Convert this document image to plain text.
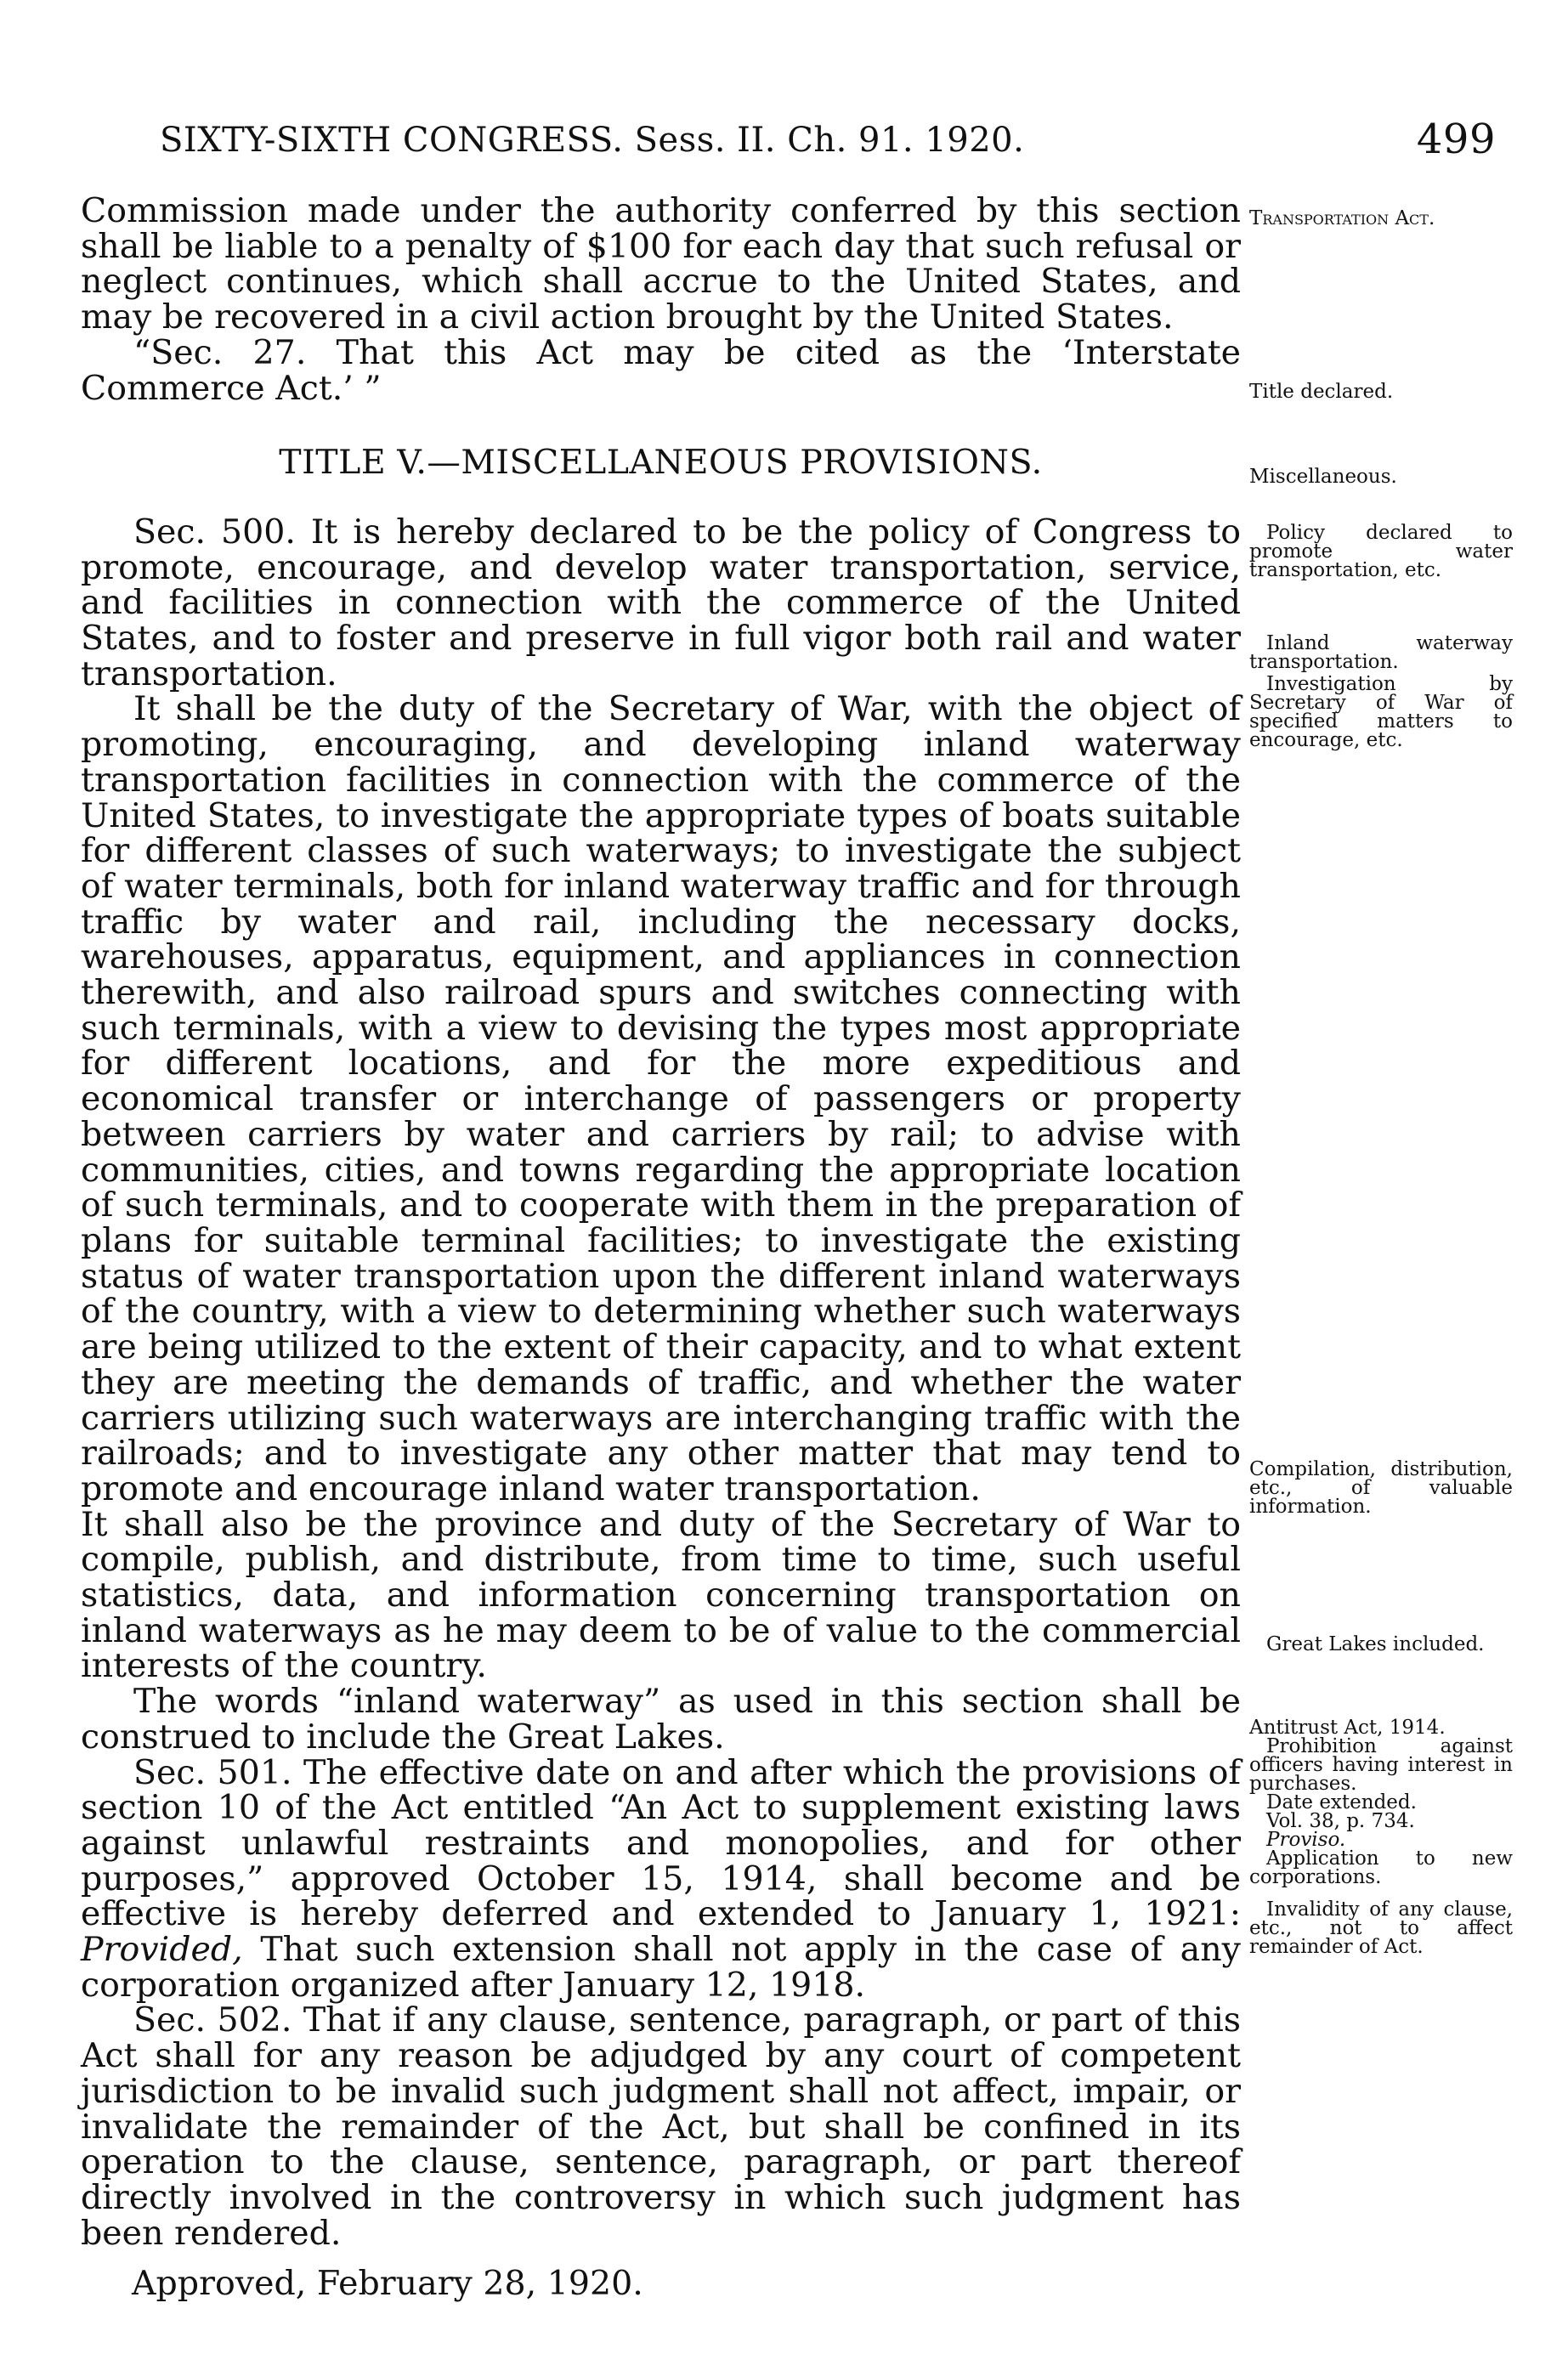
SIXTY-SIXTH CONGRESS. Sess. II. Ch. 91. 1920.	499

Commission made under the authority conferred by this section shall be liable to a penalty of $100 for each day that such refusal or neglect continues, which shall accrue to the United States, and may be recovered in a civil action brought by the United States.

“Sec. 27. That this Act may be cited as the ‘Interstate Commerce Act.’ ”

TITLE V.—MISCELLANEOUS PROVISIONS.

Sec. 500. It is hereby declared to be the policy of Congress to promote, encourage, and develop water transportation, service, and facilities in connection with the commerce of the United States, and to foster and preserve in full vigor both rail and water transportation.

It shall be the duty of the Secretary of War, with the object of promoting, encouraging, and developing inland waterway transportation facilities in connection with the commerce of the United States, to investigate the appropriate types of boats suitable for different classes of such waterways; to investigate the subject of water terminals, both for inland waterway traffic and for through traffic by water and rail, including the necessary docks, warehouses, apparatus, equipment, and appliances in connection therewith, and also railroad spurs and switches connecting with such terminals, with a view to devising the types most appropriate for different locations, and for the more expeditious and economical transfer or interchange of passengers or property between carriers by water and carriers by rail; to advise with communities, cities, and towns regarding the appropriate location of such terminals, and to cooperate with them in the preparation of plans for suitable terminal facilities; to investigate the existing status of water transportation upon the different inland waterways of the country, with a view to determining whether such waterways are being utilized to the extent of their capacity, and to what extent they are meeting the demands of traffic, and whether the water carriers utilizing such waterways are interchanging traffic with the railroads; and to investigate any other matter that may tend to promote and encourage inland water transportation.

It shall also be the province and duty of the Secretary of War to compile, publish, and distribute, from time to time, such useful statistics, data, and information concerning transportation on inland waterways as he may deem to be of value to the commercial interests of the country.

The words “inland waterway” as used in this section shall be construed to include the Great Lakes.

Sec. 501. The effective date on and after which the provisions of section 10 of the Act entitled “An Act to supplement existing laws against unlawful restraints and monopolies, and for other purposes,” approved October 15, 1914, shall become and be effective is hereby deferred and extended to January 1, 1921: Provided, That such extension shall not apply in the case of any corporation organized after January 12, 1918.

Sec. 502. That if any clause, sentence, paragraph, or part of this Act shall for any reason be adjudged by any court of competent jurisdiction to be invalid such judgment shall not affect, impair, or invalidate the remainder of the Act, but shall be confined in its operation to the clause, sentence, paragraph, or part thereof directly involved in the controversy in which such judgment has been rendered.

Approved, February 28, 1920.

Transportation Act.

Title declared.

Miscellaneous.

Policy declared to promote water transportation, etc.

Inland waterway transportation.

Investigation by Secretary of War of specified matters to encourage, etc.

Compilation, distribution, etc., of valuable information.

Great Lakes included.

Antitrust Act, 1914.

Prohibition against officers having interest in purchases.

Date extended.

Vol. 38, p. 734.

Proviso.

Application to new corporations.

Invalidity of any clause, etc., not to affect remainder of Act.
